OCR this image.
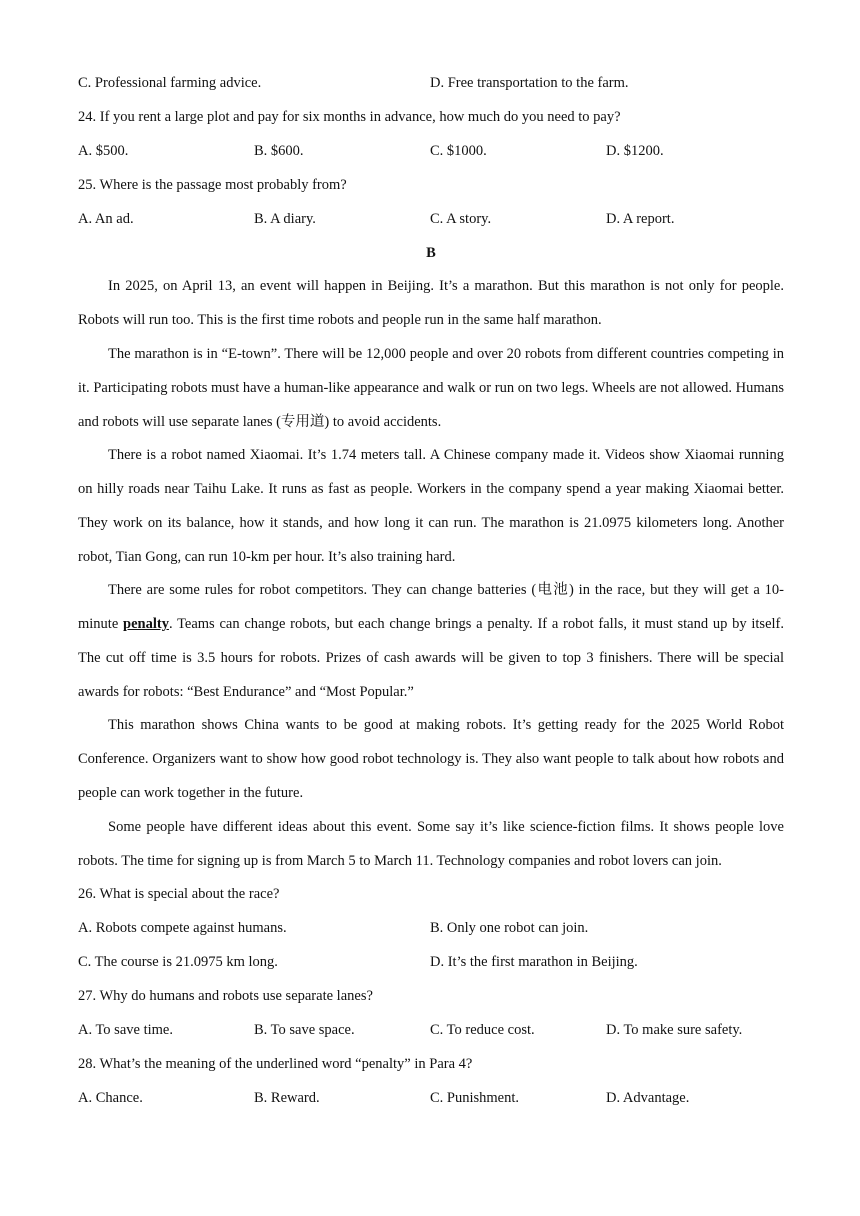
C. Professional farming advice.	D. Free transportation to the farm.
24. If you rent a large plot and pay for six months in advance, how much do you need to pay?
A. $500.	B. $600.	C. $1000.	D. $1200.
25. Where is the passage most probably from?
A. An ad.	B. A diary.	C. A story.	D. A report.
B
In 2025, on April 13, an event will happen in Beijing. It’s a marathon. But this marathon is not only for people. Robots will run too. This is the first time robots and people run in the same half marathon.
The marathon is in “E-town”. There will be 12,000 people and over 20 robots from different countries competing in it. Participating robots must have a human-like appearance and walk or run on two legs. Wheels are not allowed. Humans and robots will use separate lanes (专用道) to avoid accidents.
There is a robot named Xiaomai. It’s 1.74 meters tall. A Chinese company made it. Videos show Xiaomai running on hilly roads near Taihu Lake. It runs as fast as people. Workers in the company spend a year making Xiaomai better. They work on its balance, how it stands, and how long it can run. The marathon is 21.0975 kilometers long. Another robot, Tian Gong, can run 10-km per hour. It’s also training hard.
There are some rules for robot competitors. They can change batteries (电池) in the race, but they will get a 10-minute penalty. Teams can change robots, but each change brings a penalty. If a robot falls, it must stand up by itself. The cut off time is 3.5 hours for robots. Prizes of cash awards will be given to top 3 finishers. There will be special awards for robots: “Best Endurance” and “Most Popular.”
This marathon shows China wants to be good at making robots. It’s getting ready for the 2025 World Robot Conference. Organizers want to show how good robot technology is. They also want people to talk about how robots and people can work together in the future.
Some people have different ideas about this event. Some say it’s like science-fiction films. It shows people love robots. The time for signing up is from March 5 to March 11. Technology companies and robot lovers can join.
26. What is special about the race?
A. Robots compete against humans.	B. Only one robot can join.
C. The course is 21.0975 km long.	D. It’s the first marathon in Beijing.
27. Why do humans and robots use separate lanes?
A. To save time.	B. To save space.	C. To reduce cost.	D. To make sure safety.
28. What’s the meaning of the underlined word “penalty” in Para 4?
A. Chance.	B. Reward.	C. Punishment.	D. Advantage.
